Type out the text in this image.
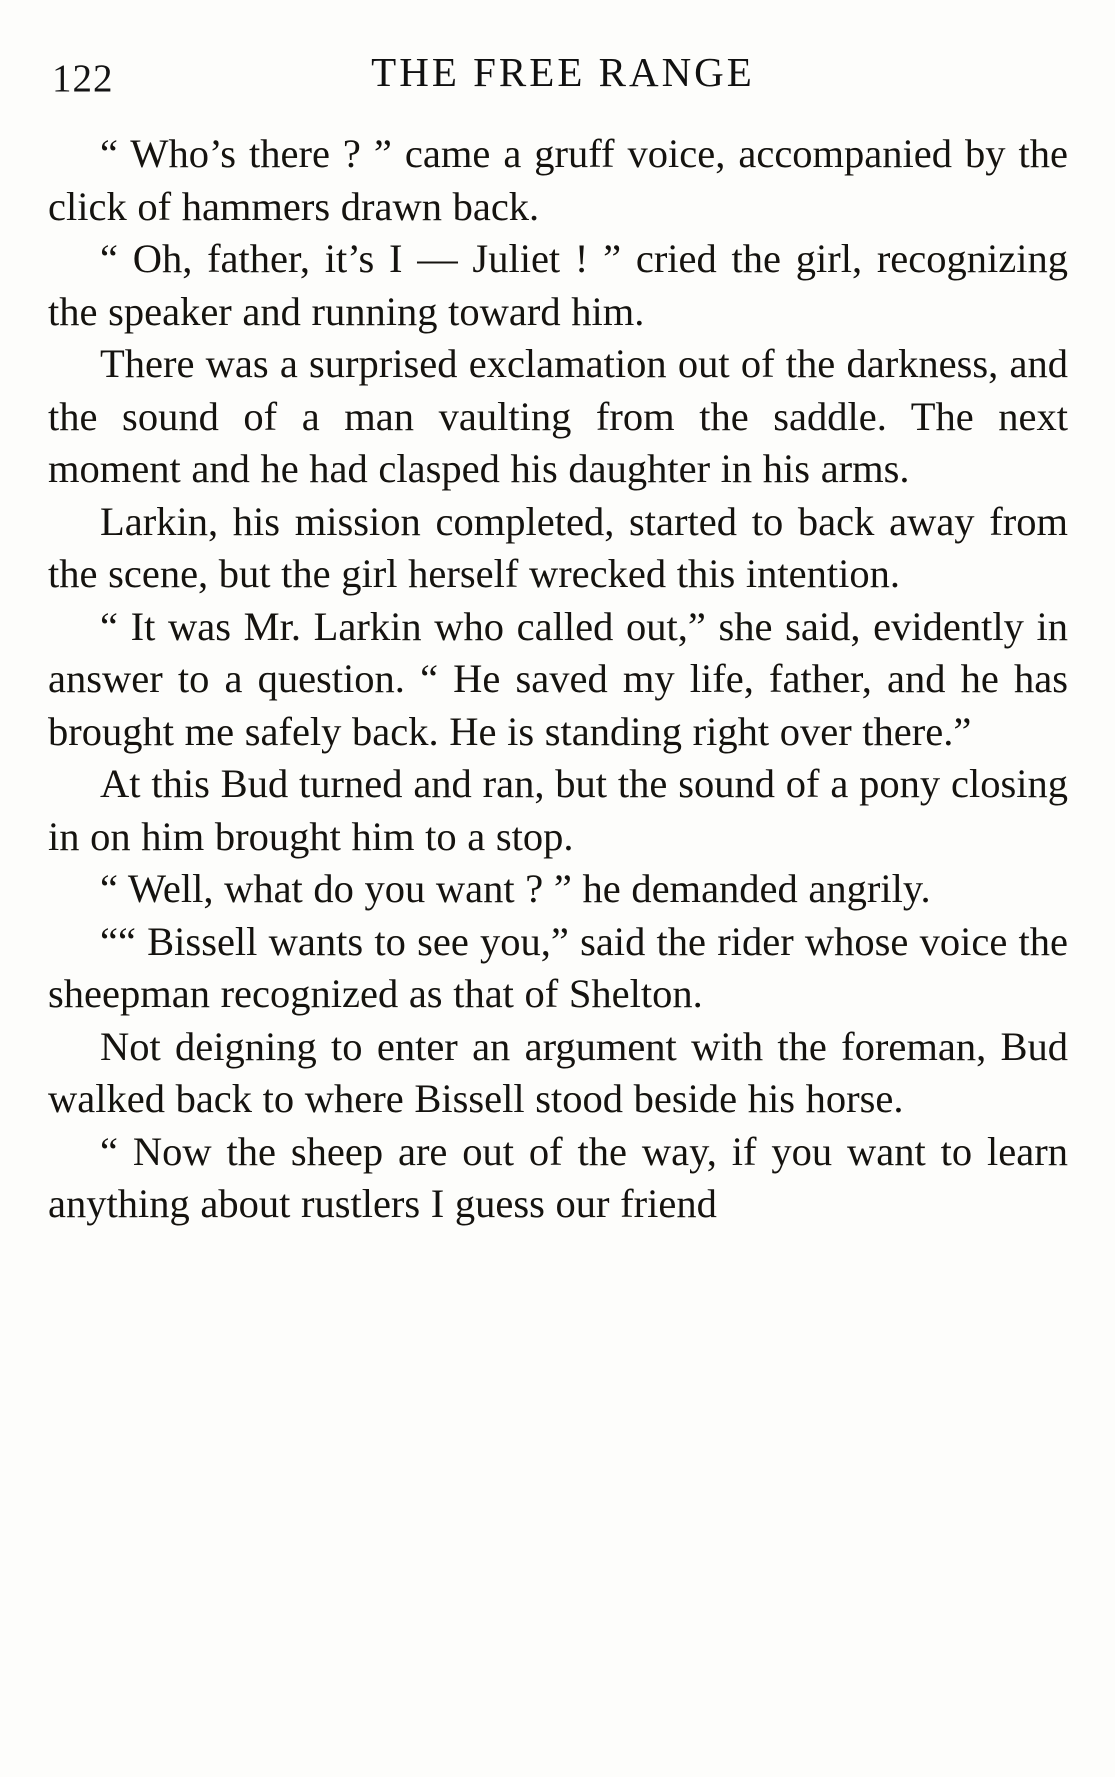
122	THE FREE RANGE

“ Who’s there ? ” came a gruff voice, accompanied by the click of hammers drawn back.

“ Oh, father, it’s I — Juliet ! ” cried the girl, recognizing the speaker and running toward him.

There was a surprised exclamation out of the darkness, and the sound of a man vaulting from the saddle. The next moment and he had clasped his daughter in his arms.

Larkin, his mission completed, started to back away from the scene, but the girl herself wrecked this intention.

“ It was Mr. Larkin who called out,” she said, evidently in answer to a question. “ He saved my life, father, and he has brought me safely back. He is standing right over there.”

At this Bud turned and ran, but the sound of a pony closing in on him brought him to a stop.

“ Well, what do you want ? ” he demanded angrily.

““ Bissell wants to see you,” said the rider whose voice the sheepman recognized as that of Shelton.

Not deigning to enter an argument with the foreman, Bud walked back to where Bissell stood beside his horse.

“ Now the sheep are out of the way, if you want to learn anything about rustlers I guess our friend
